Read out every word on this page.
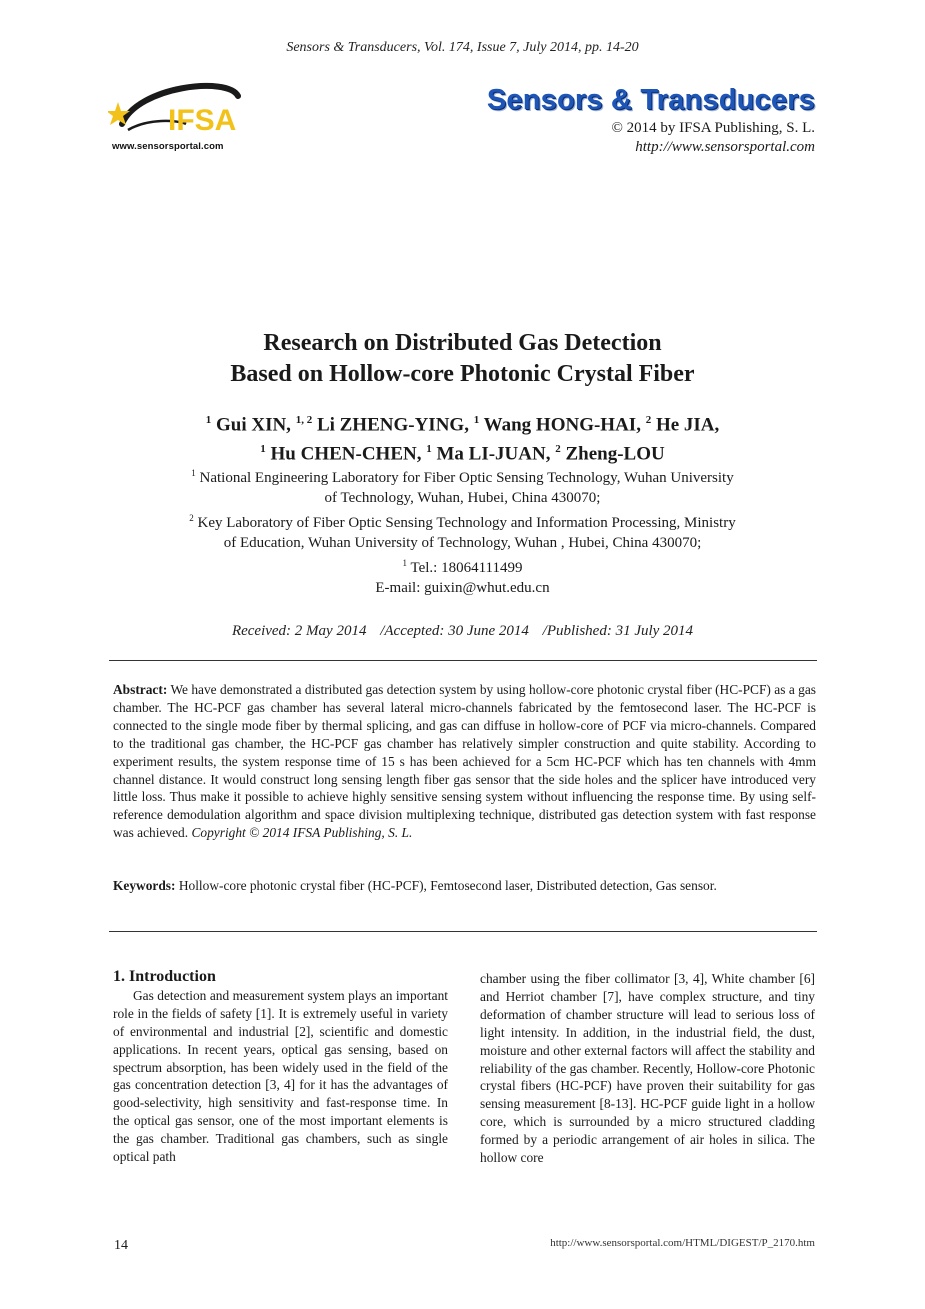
Sensors & Transducers, Vol. 174, Issue 7, July 2014, pp. 14-20
IFSA
www.sensorsportal.com
Sensors & Transducers
© 2014 by IFSA Publishing, S. L.
http://www.sensorsportal.com
Research on Distributed Gas Detection
Based on Hollow-core Photonic Crystal Fiber
$^1$ Gui XIN, $^{1, 2}$ Li ZHENG-YING, $^1$ Wang HONG-HAI, $^2$ He JIA,
$^1$ Hu CHEN-CHEN, $^1$ Ma LI-JUAN, $^2$ Zheng-LOU
$^1$ National Engineering Laboratory for Fiber Optic Sensing Technology, Wuhan University
of Technology, Wuhan, Hubei, China 430070;
$^2$ Key Laboratory of Fiber Optic Sensing Technology and Information Processing, Ministry
of Education, Wuhan University of Technology, Wuhan , Hubei, China 430070;
$^1$ Tel.: 18064111499
E-mail: guixin@whut.edu.cn
Received: 2 May 2014 /Accepted: 30 June 2014 /Published: 31 July 2014
Abstract: We have demonstrated a distributed gas detection system by using hollow-core photonic crystal fiber (HC-PCF) as a gas chamber. The HC-PCF gas chamber has several lateral micro-channels fabricated by the femtosecond laser. The HC-PCF is connected to the single mode fiber by thermal splicing, and gas can diffuse in hollow-core of PCF via micro-channels. Compared to the traditional gas chamber, the HC-PCF gas chamber has relatively simpler construction and quite stability. According to experiment results, the system response time of 15 s has been achieved for a 5cm HC-PCF which has ten channels with 4mm channel distance. It would construct long sensing length fiber gas sensor that the side holes and the splicer have introduced very little loss. Thus make it possible to achieve highly sensitive sensing system without influencing the response time. By using self-reference demodulation algorithm and space division multiplexing technique, distributed gas detection system with fast response was achieved. Copyright © 2014 IFSA Publishing, S. L.
Keywords: Hollow-core photonic crystal fiber (HC-PCF), Femtosecond laser, Distributed detection, Gas sensor.
1. Introduction
Gas detection and measurement system plays an important role in the fields of safety [1]. It is extremely useful in variety of environmental and industrial [2], scientific and domestic applications. In recent years, optical gas sensing, based on spectrum absorption, has been widely used in the field of the gas concentration detection [3, 4] for it has the advantages of good-selectivity, high sensitivity and fast-response time. In the optical gas sensor, one of the most important elements is the gas chamber. Traditional gas chambers, such as single optical path
chamber using the fiber collimator [3, 4], White chamber [6] and Herriot chamber [7], have complex structure, and tiny deformation of chamber structure will lead to serious loss of light intensity. In addition, in the industrial field, the dust, moisture and other external factors will affect the stability and reliability of the gas chamber. Recently, Hollow-core Photonic crystal fibers (HC-PCF) have proven their suitability for gas sensing measurement [8-13]. HC-PCF guide light in a hollow core, which is surrounded by a micro structured cladding formed by a periodic arrangement of air holes in silica. The hollow core
14	http://www.sensorsportal.com/HTML/DIGEST/P_2170.htm
